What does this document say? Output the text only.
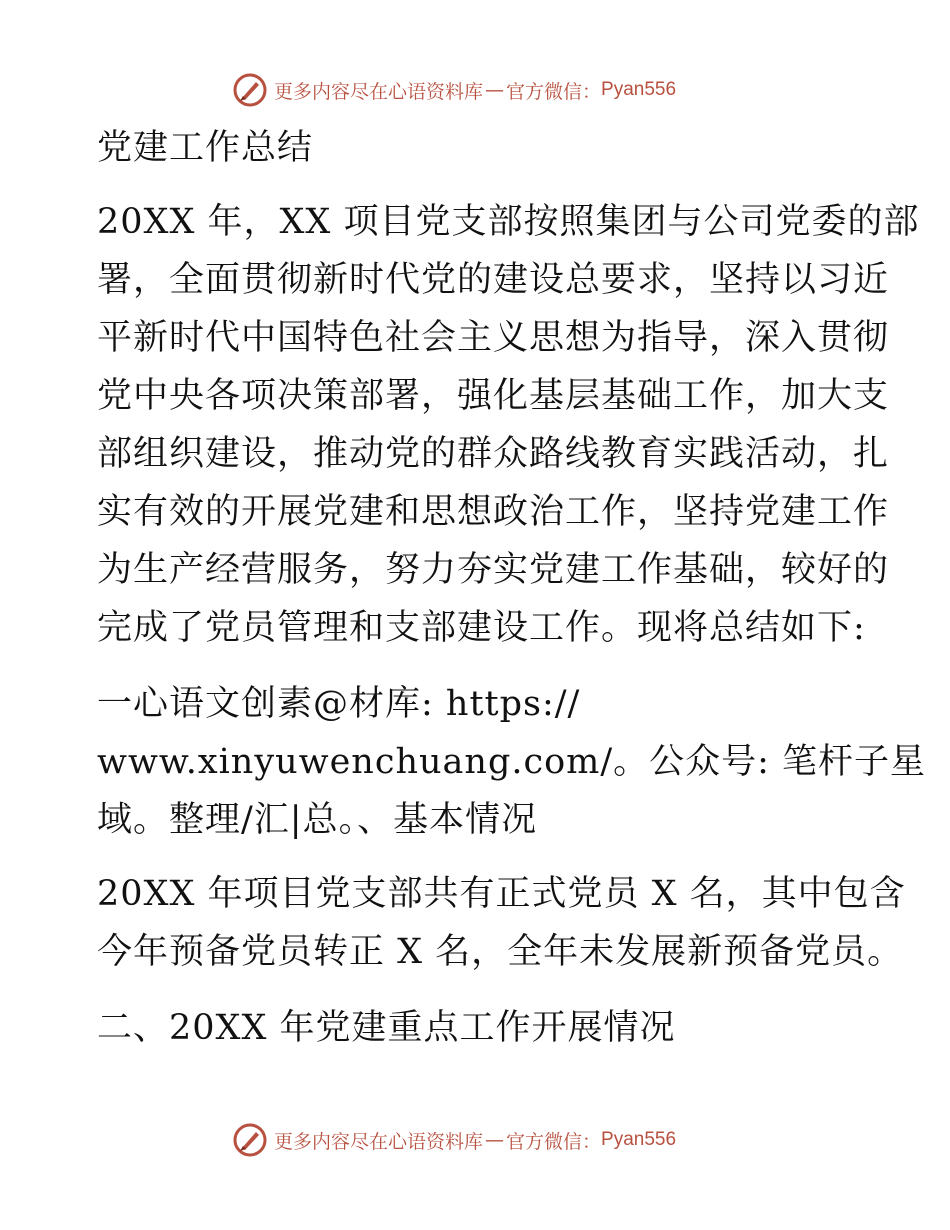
更多内容尽在心语资料库 — 官方微信： Pyan556
党建工作总结
20XX 年，XX 项目党支部按照集团与公司党委的部
署，全面贯彻新时代党的建设总要求，坚持以习近
平新时代中国特色社会主义思想为指导，深入贯彻
党中央各项决策部署，强化基层基础工作，加大支
部组织建设，推动党的群众路线教育实践活动，扎
实有效的开展党建和思想政治工作，坚持党建工作
为生产经营服务，努力夯实党建工作基础，较好的
完成了党员管理和支部建设工作。现将总结如下:
一心语文创素@材库: https://
www.xinyuwenchuang.com/。公众号: 笔杆子星
域。整理/汇|总。、基本情况
20XX 年项目党支部共有正式党员 X 名，其中包含
今年预备党员转正 X 名，全年未发展新预备党员。
二、20XX 年党建重点工作开展情况
更多内容尽在心语资料库 — 官方微信： Pyan556
